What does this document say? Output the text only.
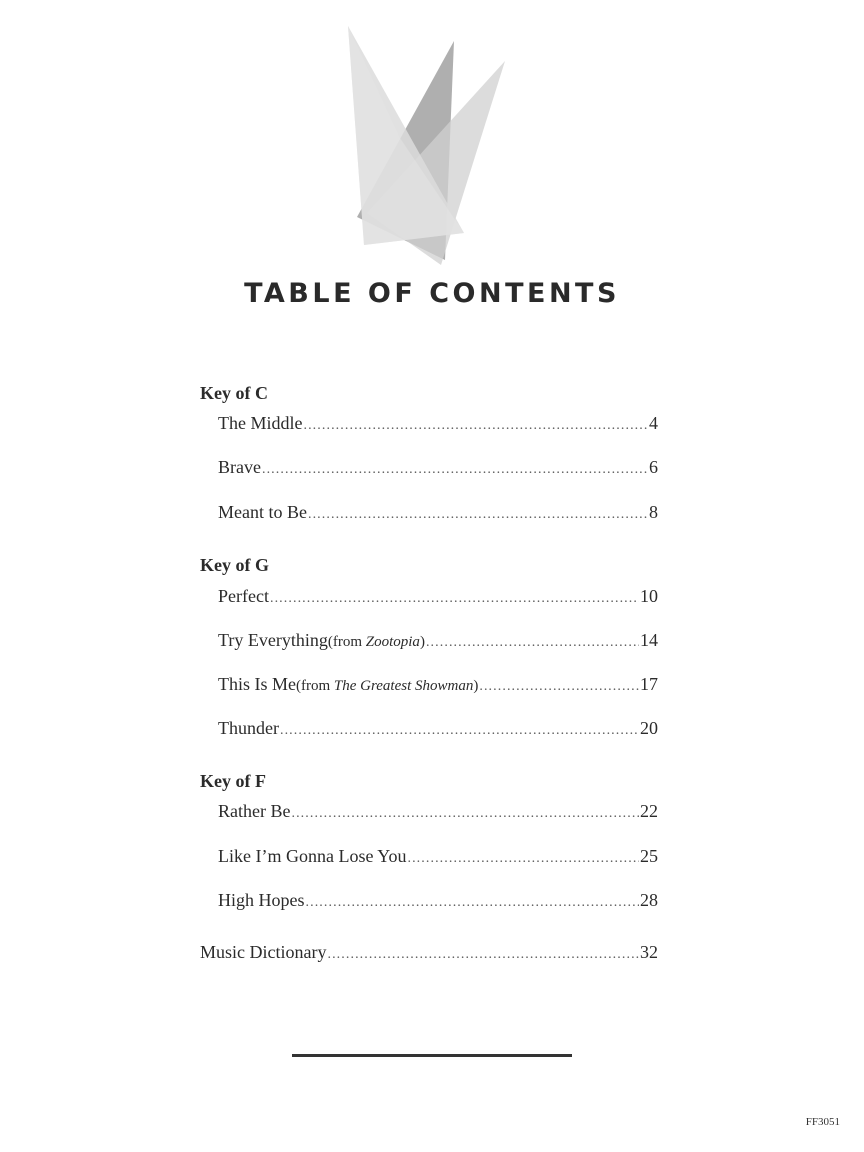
TABLE OF CONTENTS
Key of C
The Middle . . .	4
Brave . . .	6
Meant to Be . . .	8
Key of G
Perfect . . .	10
Try Everything (from Zootopia) . . .	14
This Is Me (from The Greatest Showman) . . .	17
Thunder . . .	20
Key of F
Rather Be . . .	22
Like I’m Gonna Lose You . . .	25
High Hopes . . .	28
Music Dictionary . . .	32
FF3051
